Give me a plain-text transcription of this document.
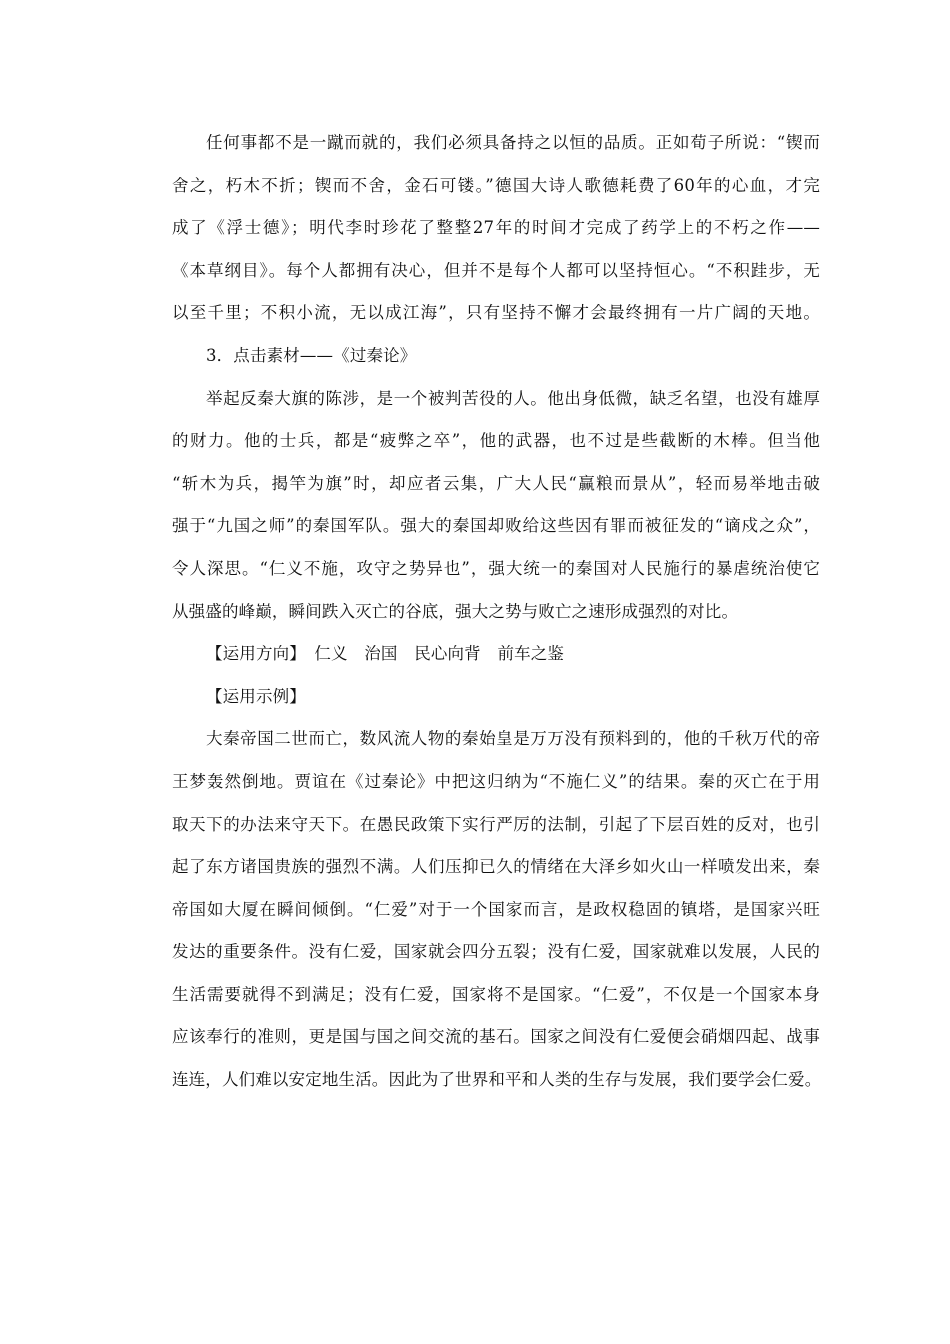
任何事都不是一蹴而就的，我们必须具备持之以恒的品质。正如荀子所说：“锲而
舍之，朽木不折；锲而不舍，金石可镂。”德国大诗人歌德耗费了60年的心血，才完
成了《浮士德》；明代李时珍花了整整27年的时间才完成了药学上的不朽之作——
《本草纲目》。每个人都拥有决心，但并不是每个人都可以坚持恒心。“不积跬步，无
以至千里；不积小流，无以成江海”，只有坚持不懈才会最终拥有一片广阔的天地。
3．点击素材——《过秦论》
举起反秦大旗的陈涉，是一个被判苦役的人。他出身低微，缺乏名望，也没有雄厚
的财力。他的士兵，都是“疲弊之卒”，他的武器，也不过是些截断的木棒。但当他
“斩木为兵，揭竿为旗”时，却应者云集，广大人民“赢粮而景从”，轻而易举地击破
强于“九国之师”的秦国军队。强大的秦国却败给这些因有罪而被征发的“谪戍之众”，
令人深思。“仁义不施，攻守之势异也”，强大统一的秦国对人民施行的暴虐统治使它
从强盛的峰巅，瞬间跌入灭亡的谷底，强大之势与败亡之速形成强烈的对比。
【运用方向】　 仁义　治国　民心向背　前车之鉴
【运用示例】
大秦帝国二世而亡，数风流人物的秦始皇是万万没有预料到的，他的千秋万代的帝
王梦轰然倒地。贾谊在《过秦论》中把这归纳为“不施仁义”的结果。秦的灭亡在于用
取天下的办法来守天下。在愚民政策下实行严厉的法制，引起了下层百姓的反对，也引
起了东方诸国贵族的强烈不满。人们压抑已久的情绪在大泽乡如火山一样喷发出来，秦
帝国如大厦在瞬间倾倒。“仁爱”对于一个国家而言，是政权稳固的镇塔，是国家兴旺
发达的重要条件。没有仁爱，国家就会四分五裂；没有仁爱，国家就难以发展，人民的
生活需要就得不到满足；没有仁爱，国家将不是国家。“仁爱”，不仅是一个国家本身
应该奉行的准则，更是国与国之间交流的基石。国家之间没有仁爱便会硝烟四起、战事
连连，人们难以安定地生活。因此为了世界和平和人类的生存与发展，我们要学会仁爱。
